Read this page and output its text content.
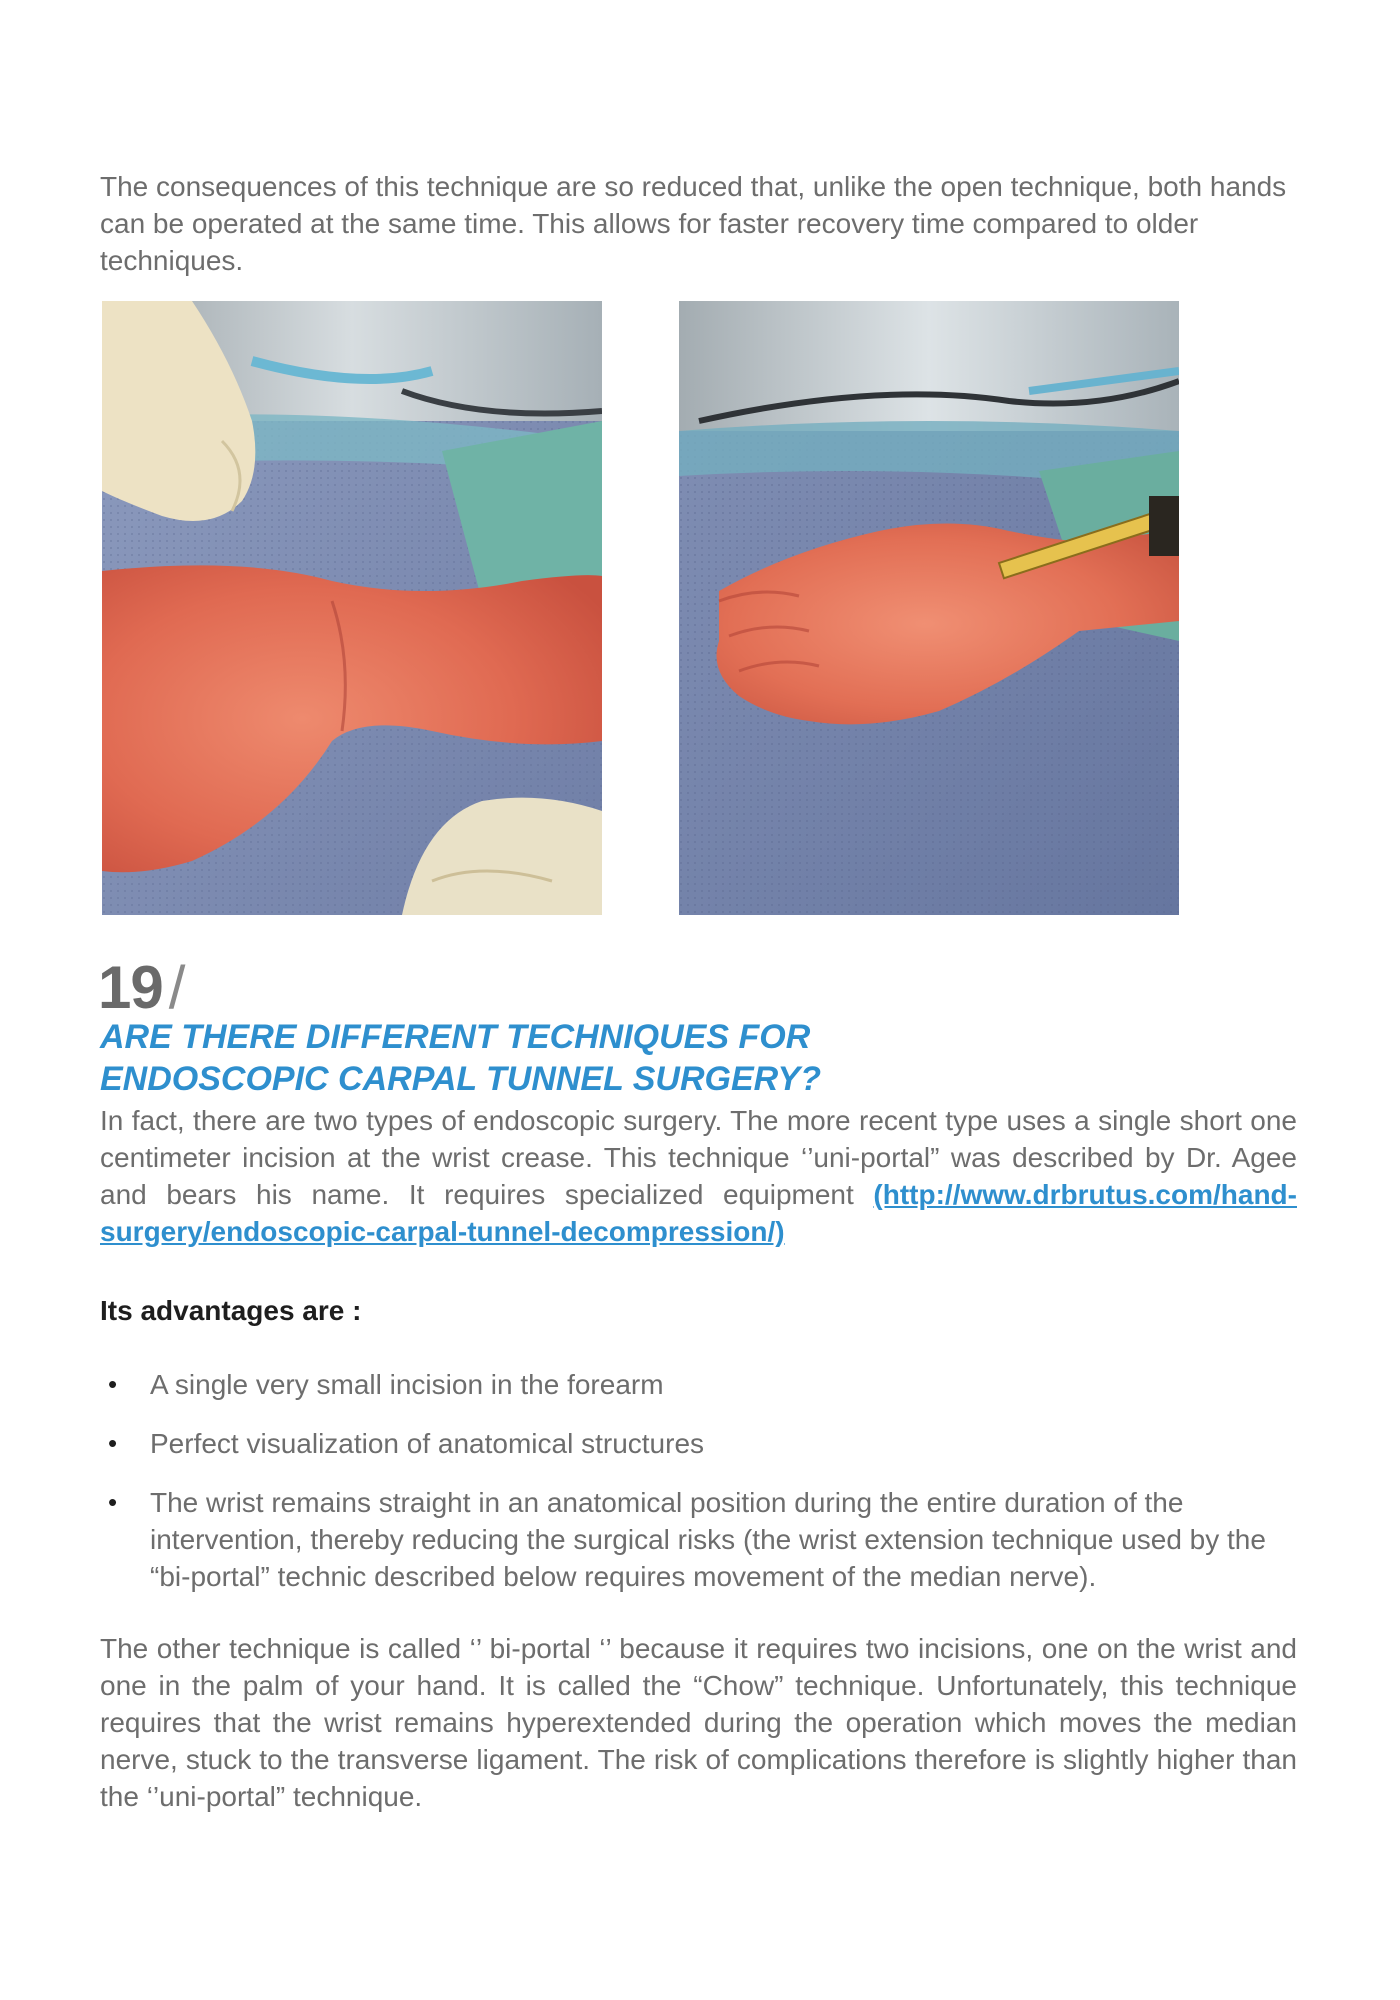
The consequences of this technique are so reduced that, unlike the open technique, both hands can be operated at the same time. This allows for faster recovery time compared to older techniques.

19 /
ARE THERE DIFFERENT TECHNIQUES FOR
ENDOSCOPIC CARPAL TUNNEL SURGERY?

In fact, there are two types of endoscopic surgery. The more recent type uses a single short one centimeter incision at the wrist crease. This technique ‘’uni-portal” was described by Dr. Agee and bears his name. It requires specialized equipment (http://www.drbrutus.com/hand-surgery/endoscopic-carpal-tunnel-decompression/)

Its advantages are :
• A single very small incision in the forearm
• Perfect visualization of anatomical structures
• The wrist remains straight in an anatomical position during the entire duration of the intervention, thereby reducing the surgical risks (the wrist extension technique used by the “bi-portal” technic described below requires movement of the median nerve).

The other technique is called ‘’ bi-portal ‘’ because it requires two incisions, one on the wrist and one in the palm of your hand. It is called the “Chow” technique. Unfortunately, this technique requires that the wrist remains hyperextended during the operation which moves the median nerve, stuck to the transverse ligament. The risk of complications therefore is slightly higher than the ‘’uni-portal” technique.
